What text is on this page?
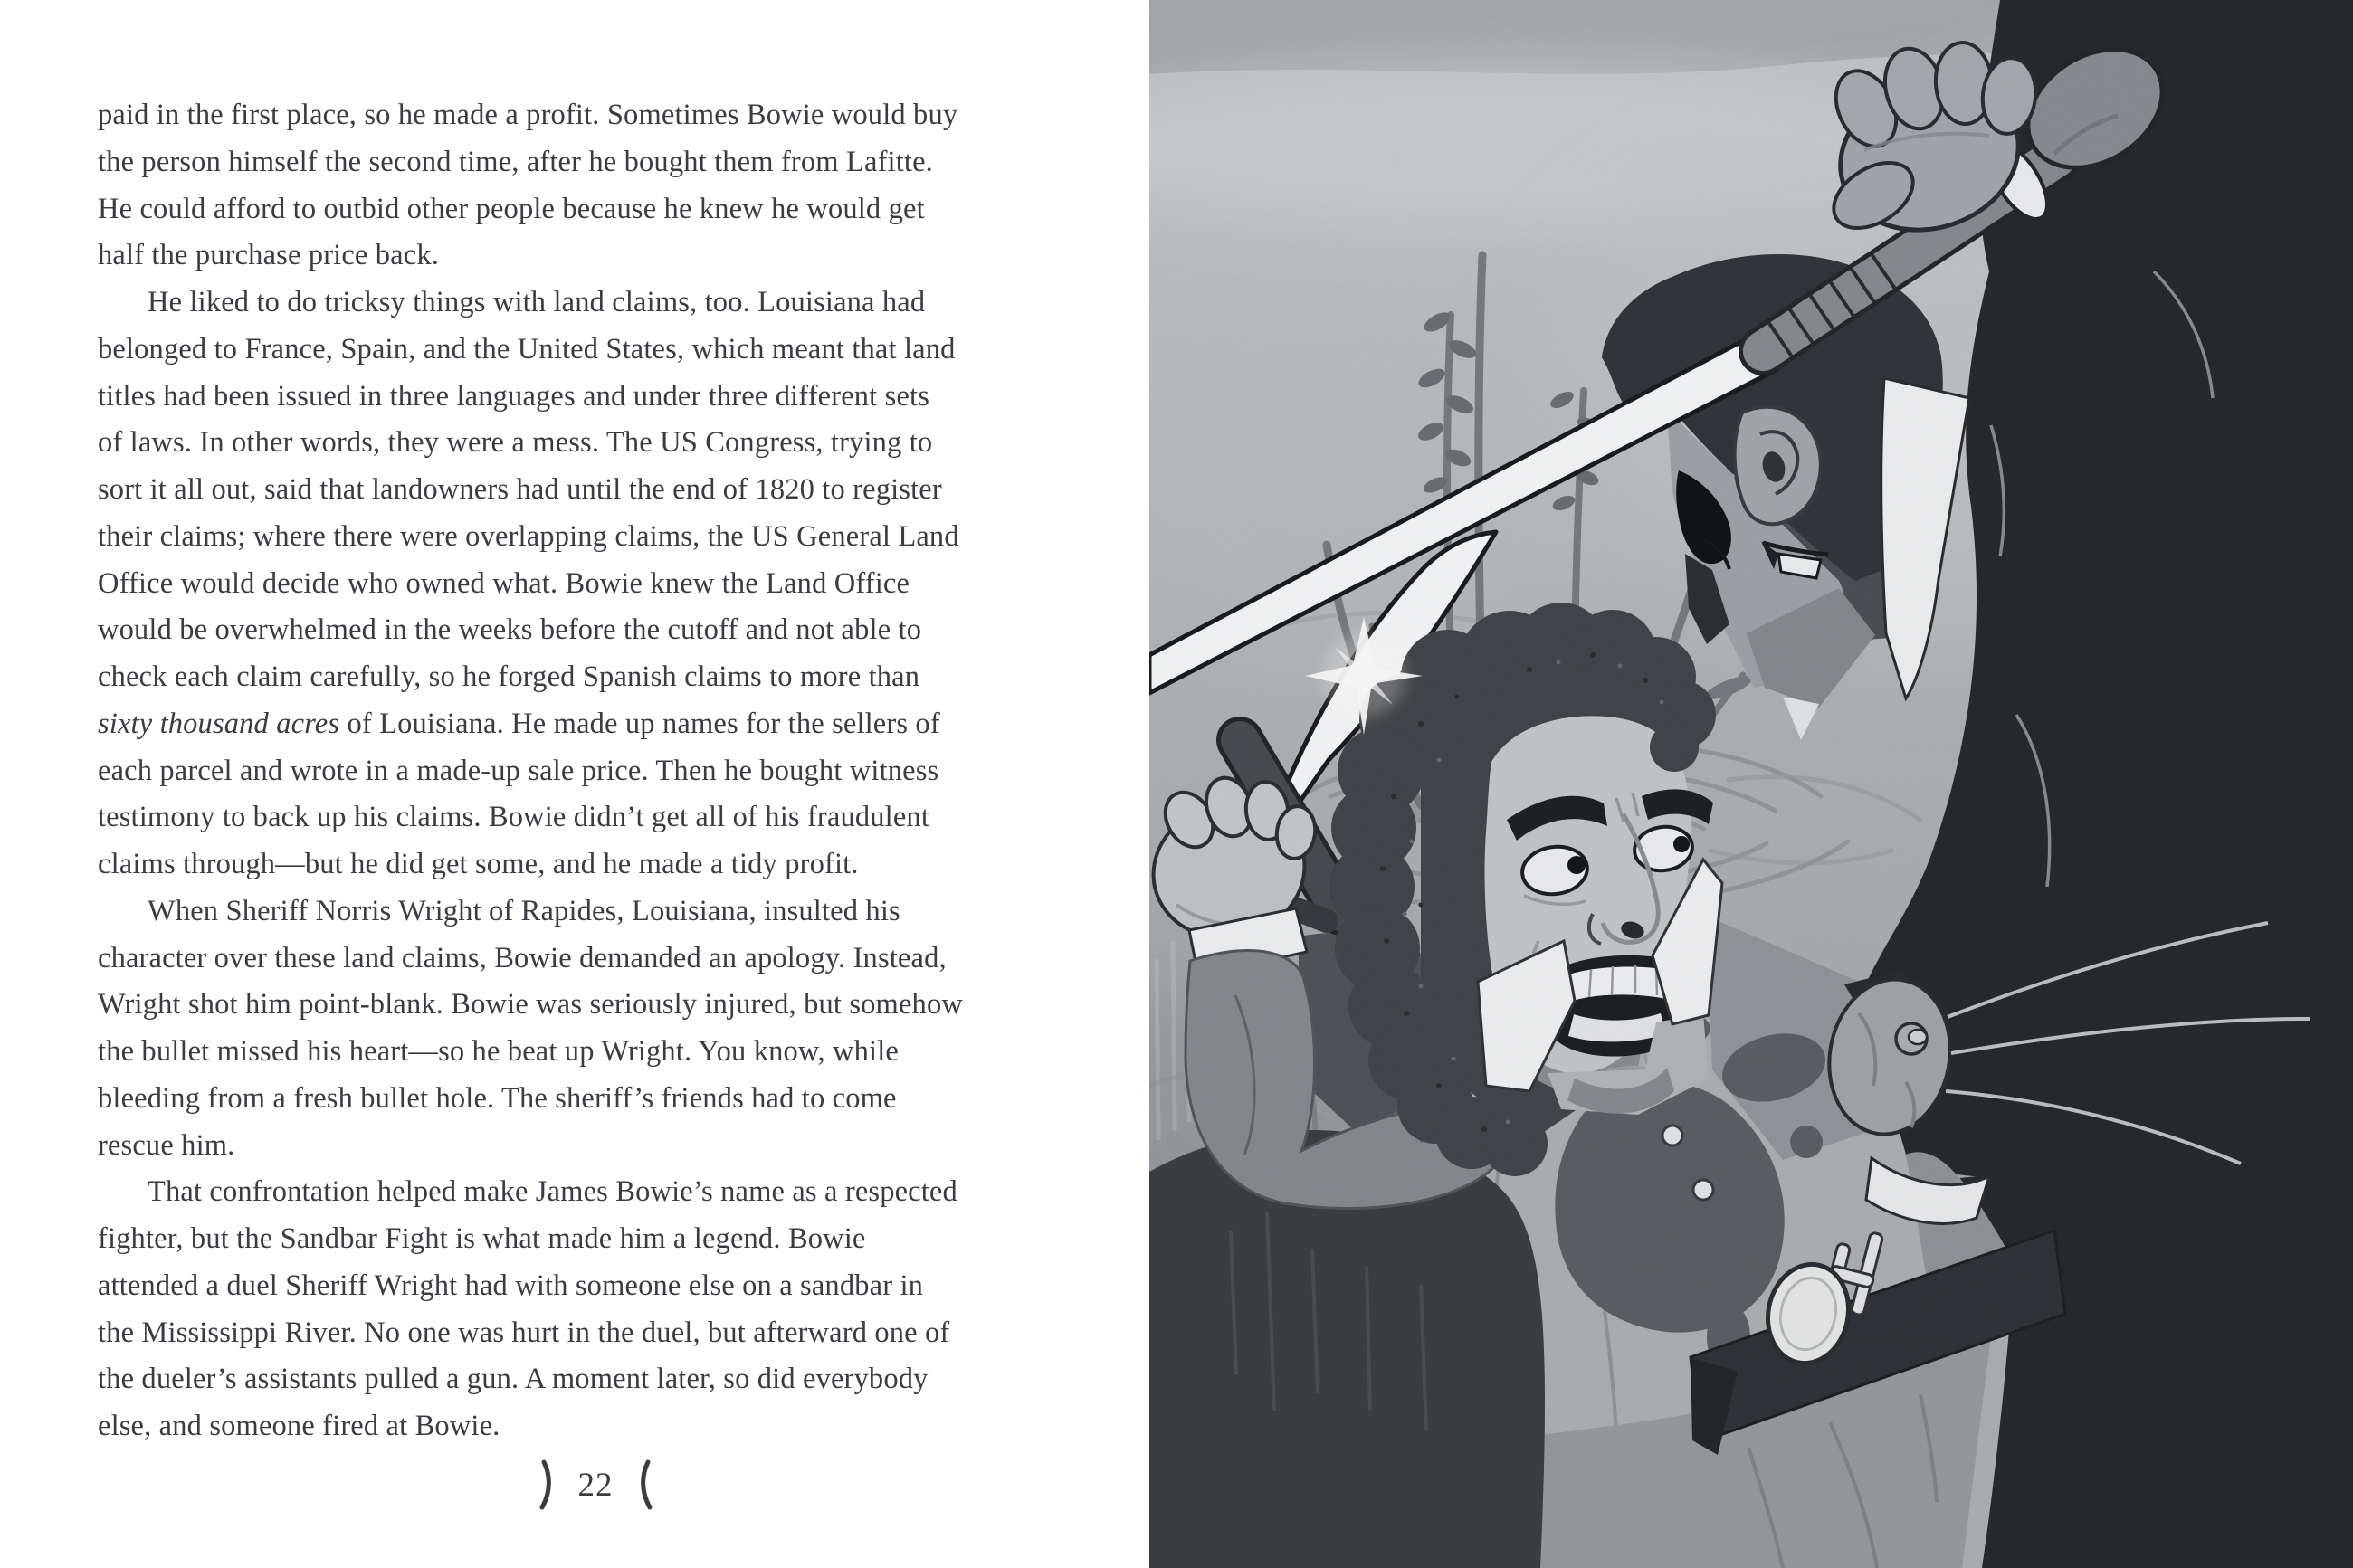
paid in the first place, so he made a profit. Sometimes Bowie would buy
the person himself the second time, after he bought them from Lafitte.
He could afford to outbid other people because he knew he would get
half the purchase price back.
He liked to do tricksy things with land claims, too. Louisiana had
belonged to France, Spain, and the United States, which meant that land
titles had been issued in three languages and under three different sets
of laws. In other words, they were a mess. The US Congress, trying to
sort it all out, said that landowners had until the end of 1820 to register
their claims; where there were overlapping claims, the US General Land
Office would decide who owned what. Bowie knew the Land Office
would be overwhelmed in the weeks before the cutoff and not able to
check each claim carefully, so he forged Spanish claims to more than
sixty thousand acres of Louisiana. He made up names for the sellers of
each parcel and wrote in a made-up sale price. Then he bought witness
testimony to back up his claims. Bowie didn’t get all of his fraudulent
claims through—but he did get some, and he made a tidy profit.
When Sheriff Norris Wright of Rapides, Louisiana, insulted his
character over these land claims, Bowie demanded an apology. Instead,
Wright shot him point-blank. Bowie was seriously injured, but somehow
the bullet missed his heart—so he beat up Wright. You know, while
bleeding from a fresh bullet hole. The sheriff’s friends had to come
rescue him.
That confrontation helped make James Bowie’s name as a respected
fighter, but the Sandbar Fight is what made him a legend. Bowie
attended a duel Sheriff Wright had with someone else on a sandbar in
the Mississippi River. No one was hurt in the duel, but afterward one of
the dueler’s assistants pulled a gun. A moment later, so did everybody
else, and someone fired at Bowie.
22
